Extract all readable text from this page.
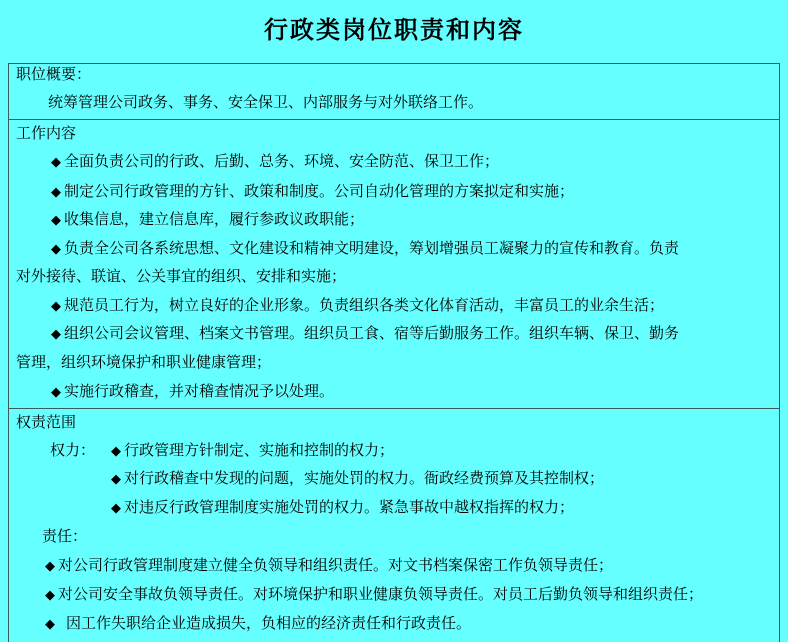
行政类岗位职责和内容
职位概要：
统筹管理公司政务、事务、安全保卫、内部服务与对外联络工作。
工作内容
◆ 全面负责公司的行政、后勤、总务、环境、安全防范、保卫工作；
◆ 制定公司行政管理的方针、政策和制度。公司自动化管理的方案拟定和实施；
◆ 收集信息，建立信息库，履行参政议政职能；
◆ 负责全公司各系统思想、文化建设和精神文明建设，筹划增强员工凝聚力的宣传和教育。负责
对外接待、联谊、公关事宜的组织、安排和实施；
◆ 规范员工行为，树立良好的企业形象。负责组织各类文化体育活动，丰富员工的业余生活；
◆ 组织公司会议管理、档案文书管理。组织员工食、宿等后勤服务工作。组织车辆、保卫、勤务
管理，组织环境保护和职业健康管理；
◆ 实施行政稽查，并对稽查情况予以处理。
权责范围
权力： ◆ 行政管理方针制定、实施和控制的权力；
◆ 对行政稽查中发现的问题，实施处罚的权力。衙政经费预算及其控制权；
◆ 对违反行政管理制度实施处罚的权力。紧急事故中越权指挥的权力；
责任：
◆ 对公司行政管理制度建立健全负领导和组织责任。对文书档案保密工作负领导责任；
◆ 对公司安全事故负领导责任。对环境保护和职业健康负领导责任。对员工后勤负领导和组织责任；
◆ 因工作失职给企业造成损失，负相应的经济责任和行政责任。
